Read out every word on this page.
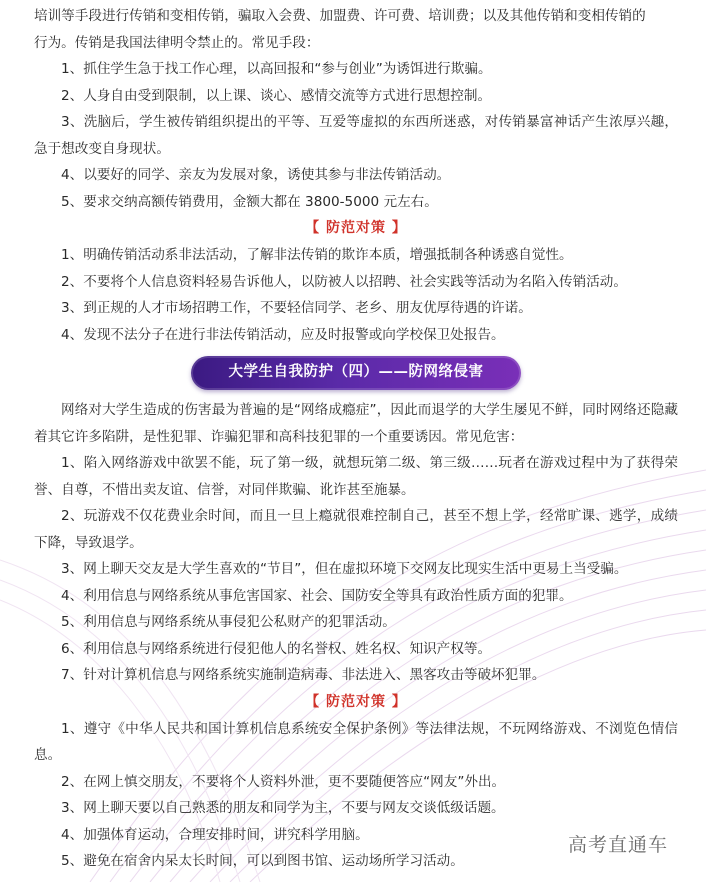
培训等手段进行传销和变相传销，骗取入会费、加盟费、许可费、培训费；以及其他传销和变相传销的

行为。传销是我国法律明令禁止的。常见手段：

1、抓住学生急于找工作心理，以高回报和“参与创业”为诱饵进行欺骗。

2、人身自由受到限制，以上课、谈心、感情交流等方式进行思想控制。

3、洗脑后，学生被传销组织提出的平等、互爱等虚拟的东西所迷惑，对传销暴富神话产生浓厚兴趣，急于想改变自身现状。

4、以要好的同学、亲友为发展对象，诱使其参与非法传销活动。

5、要求交纳高额传销费用，金额大都在 3800-5000 元左右。

【 防范对策 】

1、明确传销活动系非法活动，了解非法传销的欺诈本质，增强抵制各种诱惑自觉性。

2、不要将个人信息资料轻易告诉他人，以防被人以招聘、社会实践等活动为名陷入传销活动。

3、到正规的人才市场招聘工作，不要轻信同学、老乡、朋友优厚待遇的许诺。

4、发现不法分子在进行非法传销活动，应及时报警或向学校保卫处报告。

大学生自我防护（四）——防网络侵害

网络对大学生造成的伤害最为普遍的是“网络成瘾症”，因此而退学的大学生屡见不鲜，同时网络还隐藏着其它许多陷阱，是性犯罪、诈骗犯罪和高科技犯罪的一个重要诱因。常见危害：

1、陷入网络游戏中欲罢不能，玩了第一级，就想玩第二级、第三级……玩者在游戏过程中为了获得荣誉、自尊，不惜出卖友谊、信誉，对同伴欺骗、讹诈甚至施暴。

2、玩游戏不仅花费业余时间，而且一旦上瘾就很难控制自己，甚至不想上学，经常旷课、逃学，成绩下降，导致退学。

3、网上聊天交友是大学生喜欢的“节目”，但在虚拟环境下交网友比现实生活中更易上当受骗。

4、利用信息与网络系统从事危害国家、社会、国防安全等具有政治性质方面的犯罪。

5、利用信息与网络系统从事侵犯公私财产的犯罪活动。

6、利用信息与网络系统进行侵犯他人的名誉权、姓名权、知识产权等。

7、针对计算机信息与网络系统实施制造病毒、非法进入、黑客攻击等破坏犯罪。

【 防范对策 】

1、遵守《中华人民共和国计算机信息系统安全保护条例》等法律法规，不玩网络游戏、不浏览色情信息。

2、在网上慎交朋友，不要将个人资料外泄，更不要随便答应“网友”外出。

3、网上聊天要以自己熟悉的朋友和同学为主，不要与网友交谈低级话题。

4、加强体育运动，合理安排时间，讲究科学用脑。

5、避免在宿舍内呆太长时间，可以到图书馆、运动场所学习活动。

高考直通车
